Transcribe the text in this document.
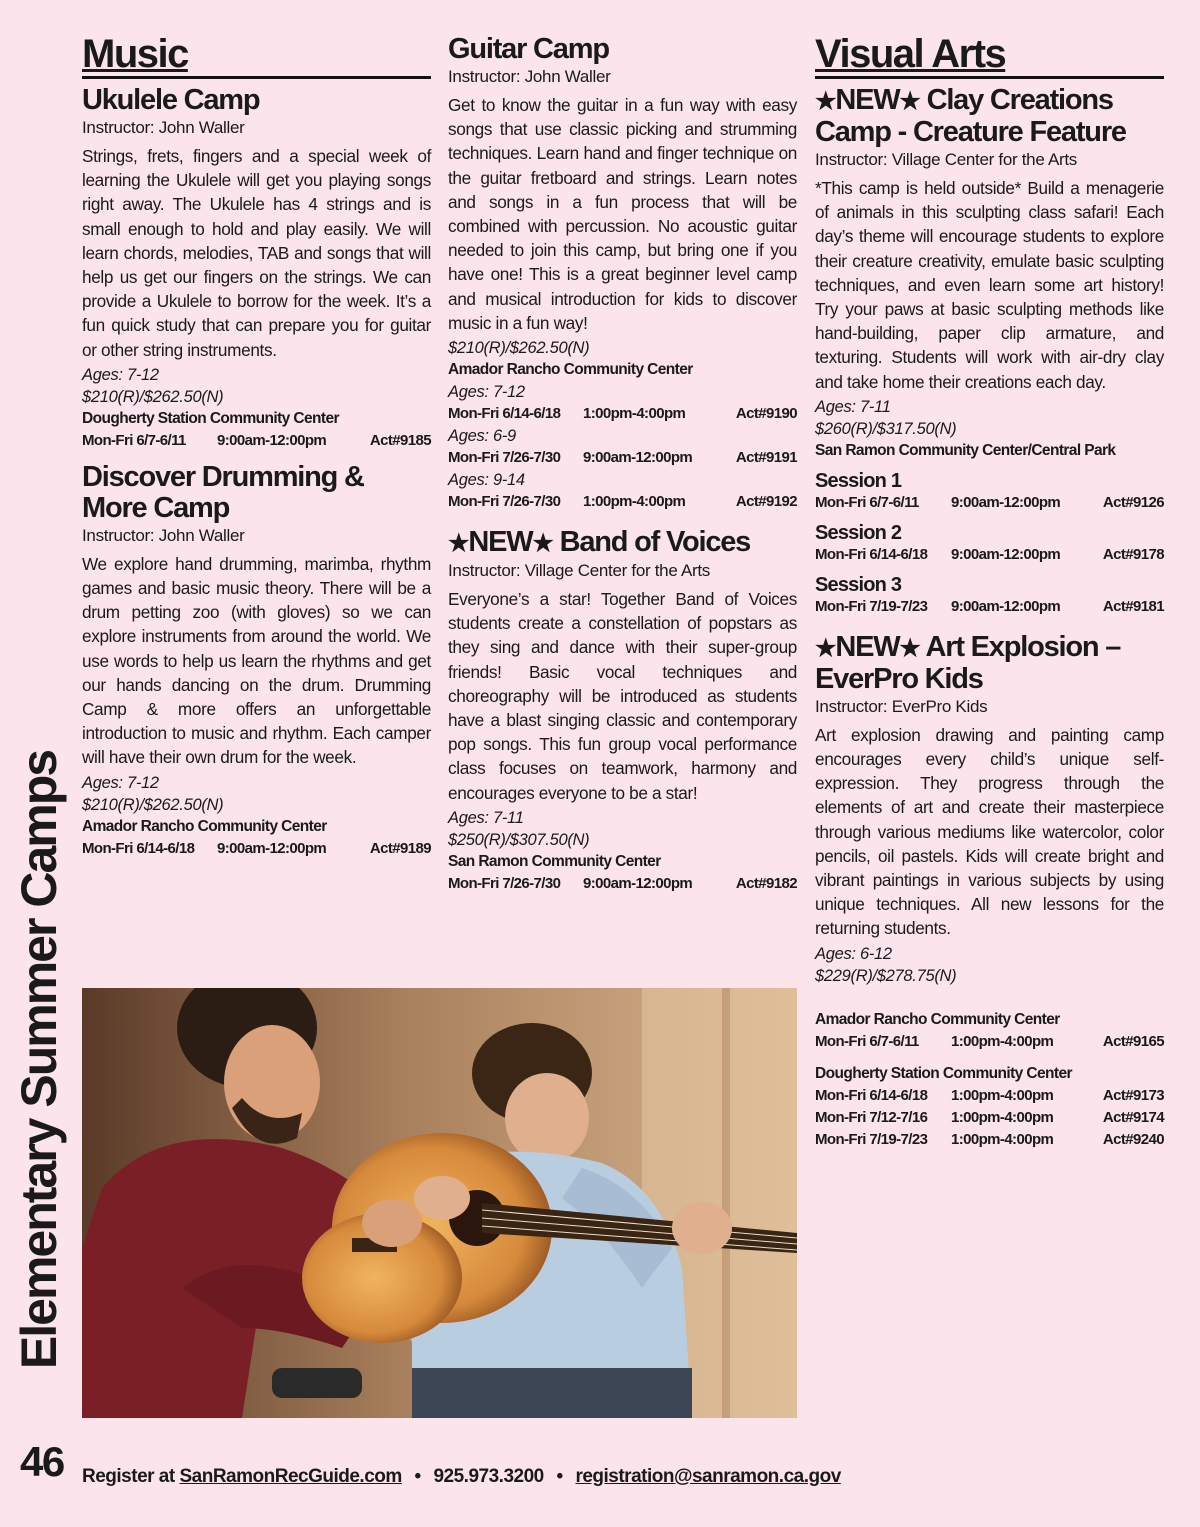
Elementary Summer Camps
Music
Ukulele Camp
Instructor: John Waller
Strings, frets, fingers and a special week of learning the Ukulele will get you playing songs right away. The Ukulele has 4 strings and is small enough to hold and play easily. We will learn chords, melodies, TAB and songs that will help us get our fingers on the strings. We can provide a Ukulele to borrow for the week. It’s a fun quick study that can prepare you for guitar or other string instruments.
Ages: 7-12
$210(R)/$262.50(N)
Dougherty Station Community Center
Mon-Fri 6/7-6/11	9:00am-12:00pm	Act#9185
Discover Drumming & More Camp
Instructor: John Waller
We explore hand drumming, marimba, rhythm games and basic music theory. There will be a drum petting zoo (with gloves) so we can explore instruments from around the world. We use words to help us learn the rhythms and get our hands dancing on the drum. Drumming Camp & more offers an unforgettable introduction to music and rhythm. Each camper will have their own drum for the week.
Ages: 7-12
$210(R)/$262.50(N)
Amador Rancho Community Center
Mon-Fri 6/14-6/18	9:00am-12:00pm	Act#9189
Guitar Camp
Instructor: John Waller
Get to know the guitar in a fun way with easy songs that use classic picking and strumming techniques. Learn hand and finger technique on the guitar fretboard and strings. Learn notes and songs in a fun process that will be combined with percussion. No acoustic guitar needed to join this camp, but bring one if you have one! This is a great beginner level camp and musical introduction for kids to discover music in a fun way!
$210(R)/$262.50(N)
Amador Rancho Community Center
Ages: 7-12
Mon-Fri 6/14-6/18	1:00pm-4:00pm	Act#9190
Ages: 6-9
Mon-Fri 7/26-7/30	9:00am-12:00pm	Act#9191
Ages: 9-14
Mon-Fri 7/26-7/30	1:00pm-4:00pm	Act#9192
★NEW★ Band of Voices
Instructor: Village Center for the Arts
Everyone’s a star! Together Band of Voices students create a constellation of popstars as they sing and dance with their super-group friends! Basic vocal techniques and choreography will be introduced as students have a blast singing classic and contemporary pop songs. This fun group vocal performance class focuses on teamwork, harmony and encourages everyone to be a star!
Ages: 7-11
$250(R)/$307.50(N)
San Ramon Community Center
Mon-Fri 7/26-7/30	9:00am-12:00pm	Act#9182
Visual Arts
★NEW★ Clay Creations Camp - Creature Feature
Instructor: Village Center for the Arts
*This camp is held outside* Build a menagerie of animals in this sculpting class safari! Each day’s theme will encourage students to explore their creature creativity, emulate basic sculpting techniques, and even learn some art history! Try your paws at basic sculpting methods like hand-building, paper clip armature, and texturing. Students will work with air-dry clay and take home their creations each day.
Ages: 7-11
$260(R)/$317.50(N)
San Ramon Community Center/Central Park
Session 1
Mon-Fri 6/7-6/11	9:00am-12:00pm	Act#9126
Session 2
Mon-Fri 6/14-6/18	9:00am-12:00pm	Act#9178
Session 3
Mon-Fri 7/19-7/23	9:00am-12:00pm	Act#9181
★NEW★ Art Explosion – EverPro Kids
Instructor: EverPro Kids
Art explosion drawing and painting camp encourages every child’s unique self-expression. They progress through the elements of art and create their masterpiece through various mediums like watercolor, color pencils, oil pastels. Kids will create bright and vibrant paintings in various subjects by using unique techniques. All new lessons for the returning students.
Ages: 6-12
$229(R)/$278.75(N)
Amador Rancho Community Center
Mon-Fri 6/7-6/11	1:00pm-4:00pm	Act#9165
Dougherty Station Community Center
Mon-Fri 6/14-6/18	1:00pm-4:00pm	Act#9173
Mon-Fri 7/12-7/16	1:00pm-4:00pm	Act#9174
Mon-Fri 7/19-7/23	1:00pm-4:00pm	Act#9240
46 Register at SanRamonRecGuide.com • 925.973.3200 • registration@sanramon.ca.gov
